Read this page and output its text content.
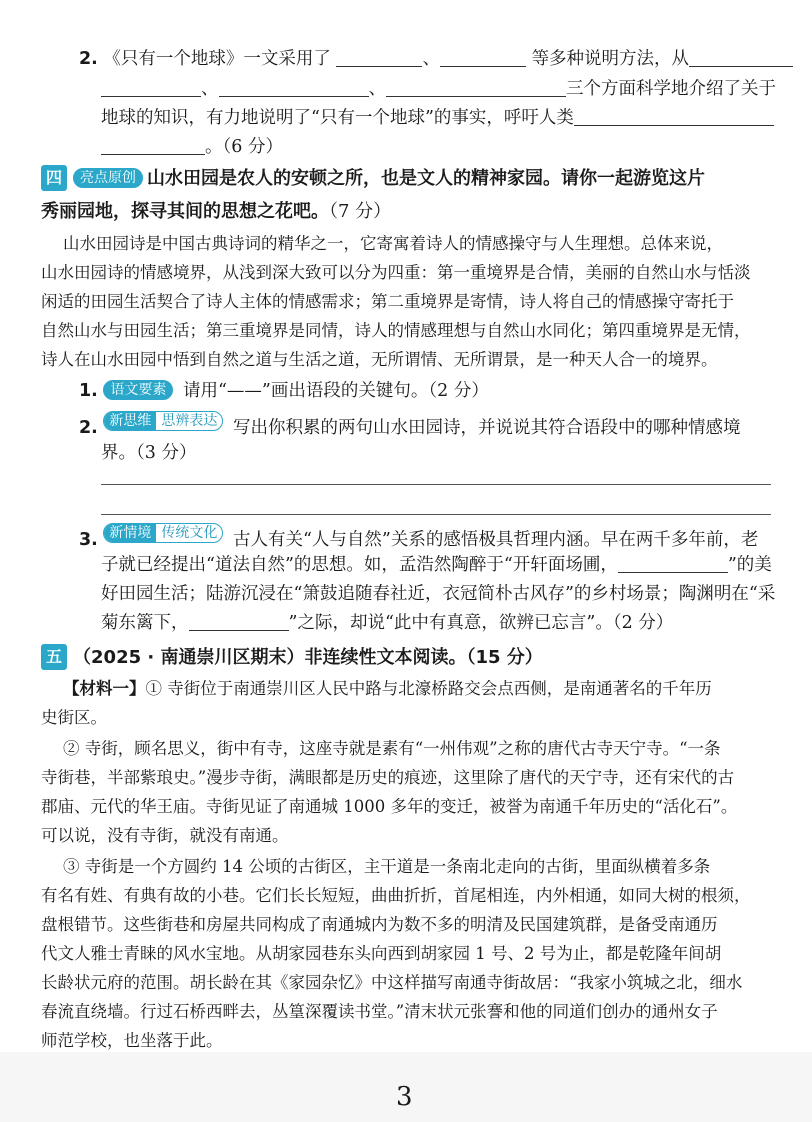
2. 《只有一个地球》一文采用了	、	等多种说明方法，从
、	、	三个方面科学地介绍了关于
地球的知识，有力地说明了“只有一个地球”的事实，呼吁人类
。（6 分）
四 亮点原创 山水田园是农人的安顿之所，也是文人的精神家园。请你一起游览这片
秀丽园地，探寻其间的思想之花吧。（7 分）
山水田园诗是中国古典诗词的精华之一，它寄寓着诗人的情感操守与人生理想。总体来说，
山水田园诗的情感境界，从浅到深大致可以分为四重：第一重境界是合情，美丽的自然山水与恬淡
闲适的田园生活契合了诗人主体的情感需求；第二重境界是寄情，诗人将自己的情感操守寄托于
自然山水与田园生活；第三重境界是同情，诗人的情感理想与自然山水同化；第四重境界是无情，
诗人在山水田园中悟到自然之道与生活之道，无所谓情、无所谓景，是一种天人合一的境界。
1. 语文要素 请用“——”画出语段的关键句。（2 分）
2. 新思维 思辨表达 写出你积累的两句山水田园诗，并说说其符合语段中的哪种情感境
界。（3 分）
3. 新情境 传统文化 古人有关“人与自然”关系的感悟极具哲理内涵。早在两千多年前，老
子就已经提出“道法自然”的思想。如，孟浩然陶醉于“开轩面场圃，	”的美
好田园生活；陆游沉浸在“箫鼓追随春社近，衣冠简朴古风存”的乡村场景；陶渊明在“采
菊东篱下，	”之际，却说“此中有真意，欲辨已忘言”。（2 分）
五 （2025 · 南通崇川区期末）非连续性文本阅读。（15 分）
【材料一】① 寺街位于南通崇川区人民中路与北濠桥路交会点西侧，是南通著名的千年历
史街区。
② 寺街，顾名思义，街中有寺，这座寺就是素有“一州伟观”之称的唐代古寺天宁寺。“一条
寺街巷，半部紫琅史。”漫步寺街，满眼都是历史的痕迹，这里除了唐代的天宁寺，还有宋代的古
郡庙、元代的华王庙。寺街见证了南通城 1000 多年的变迁，被誉为南通千年历史的“活化石”。
可以说，没有寺街，就没有南通。
③ 寺街是一个方圆约 14 公顷的古街区，主干道是一条南北走向的古街，里面纵横着多条
有名有姓、有典有故的小巷。它们长长短短，曲曲折折，首尾相连，内外相通，如同大树的根须，
盘根错节。这些街巷和房屋共同构成了南通城内为数不多的明清及民国建筑群，是备受南通历
代文人雅士青睐的风水宝地。从胡家园巷东头向西到胡家园 1 号、2 号为止，都是乾隆年间胡
长龄状元府的范围。胡长龄在其《家园杂忆》中这样描写南通寺街故居：“我家小筑城之北，细水
春流直绕墙。行过石桥西畔去，丛篁深覆读书堂。”清末状元张謇和他的同道们创办的通州女子
师范学校，也坐落于此。
3
